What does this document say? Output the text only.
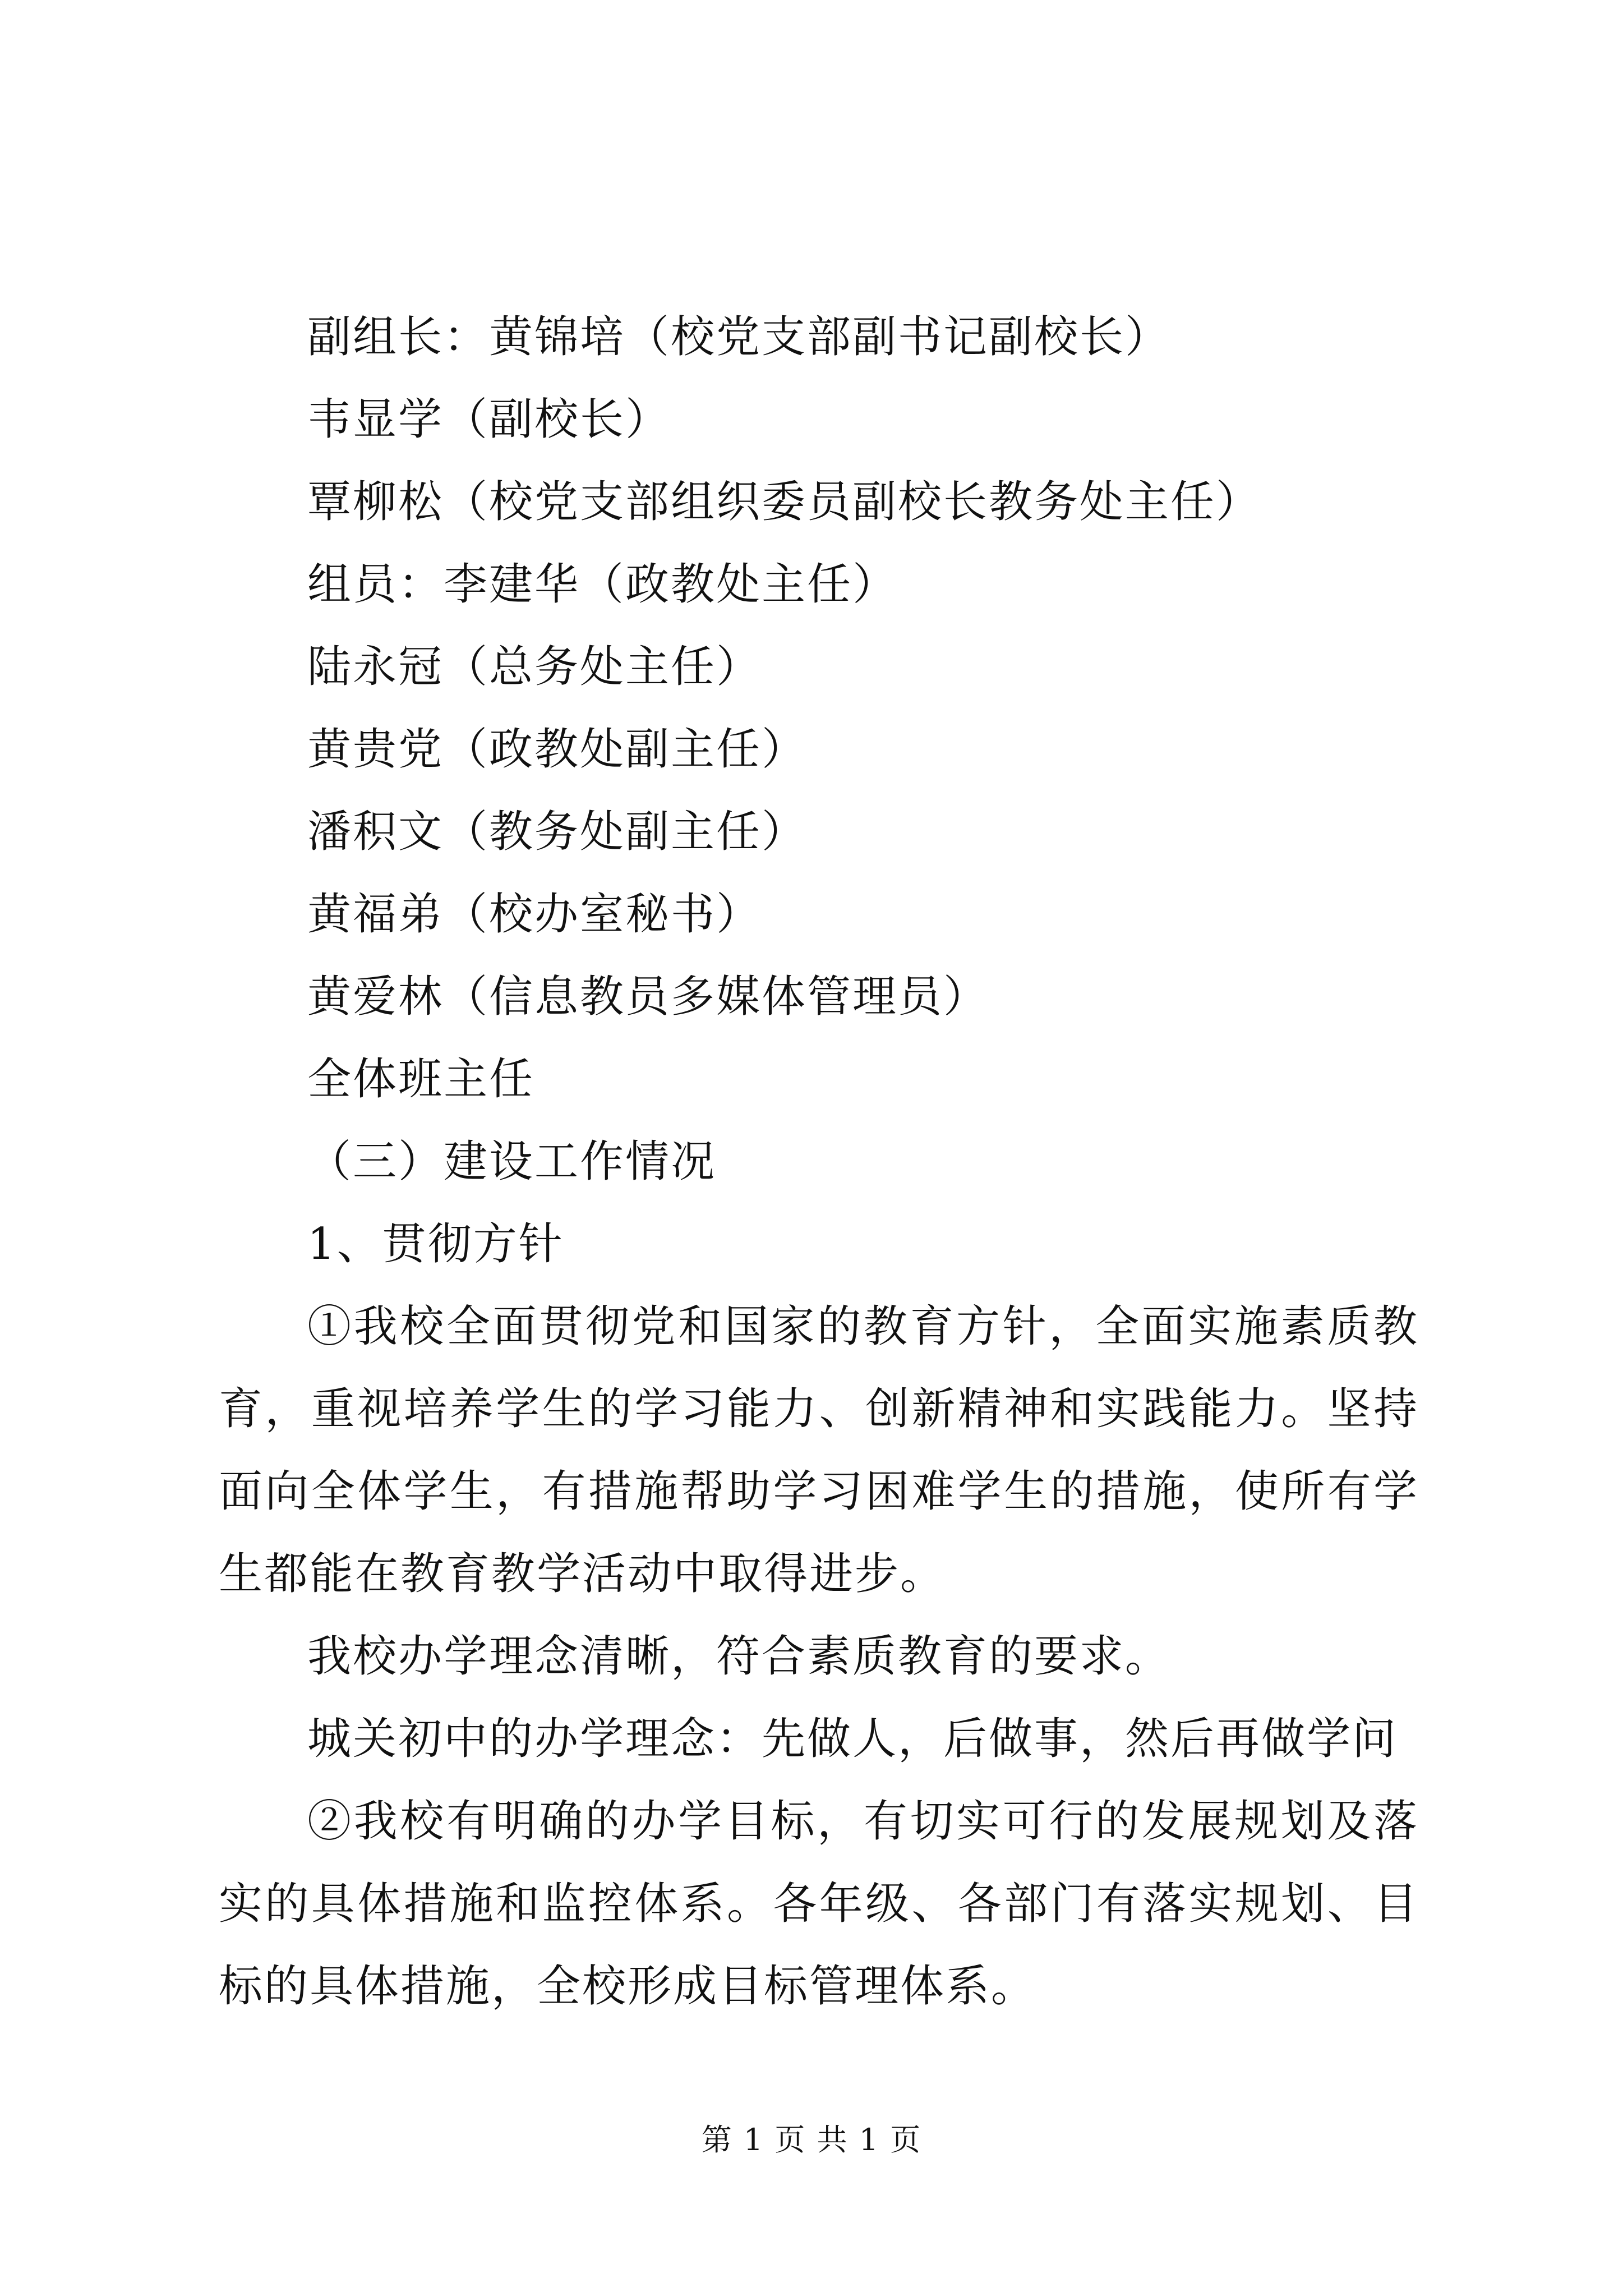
副组长：黄锦培（校党支部副书记副校长）
韦显学（副校长）
覃柳松（校党支部组织委员副校长教务处主任）
组员：李建华（政教处主任）
陆永冠（总务处主任）
黄贵党（政教处副主任）
潘积文（教务处副主任）
黄福弟（校办室秘书）
黄爱林（信息教员多媒体管理员）
全体班主任
（三）建设工作情况
1、贯彻方针

①我校全面贯彻党和国家的教育方针，全面实施素质教育，重视培养学生的学习能力、创新精神和实践能力。坚持面向全体学生，有措施帮助学习困难学生的措施，使所有学生都能在教育教学活动中取得进步。

我校办学理念清晰，符合素质教育的要求。

城关初中的办学理念：先做人，后做事，然后再做学问

②我校有明确的办学目标，有切实可行的发展规划及落实的具体措施和监控体系。各年级、各部门有落实规划、目标的具体措施，全校形成目标管理体系。

第 1 页 共 1 页
